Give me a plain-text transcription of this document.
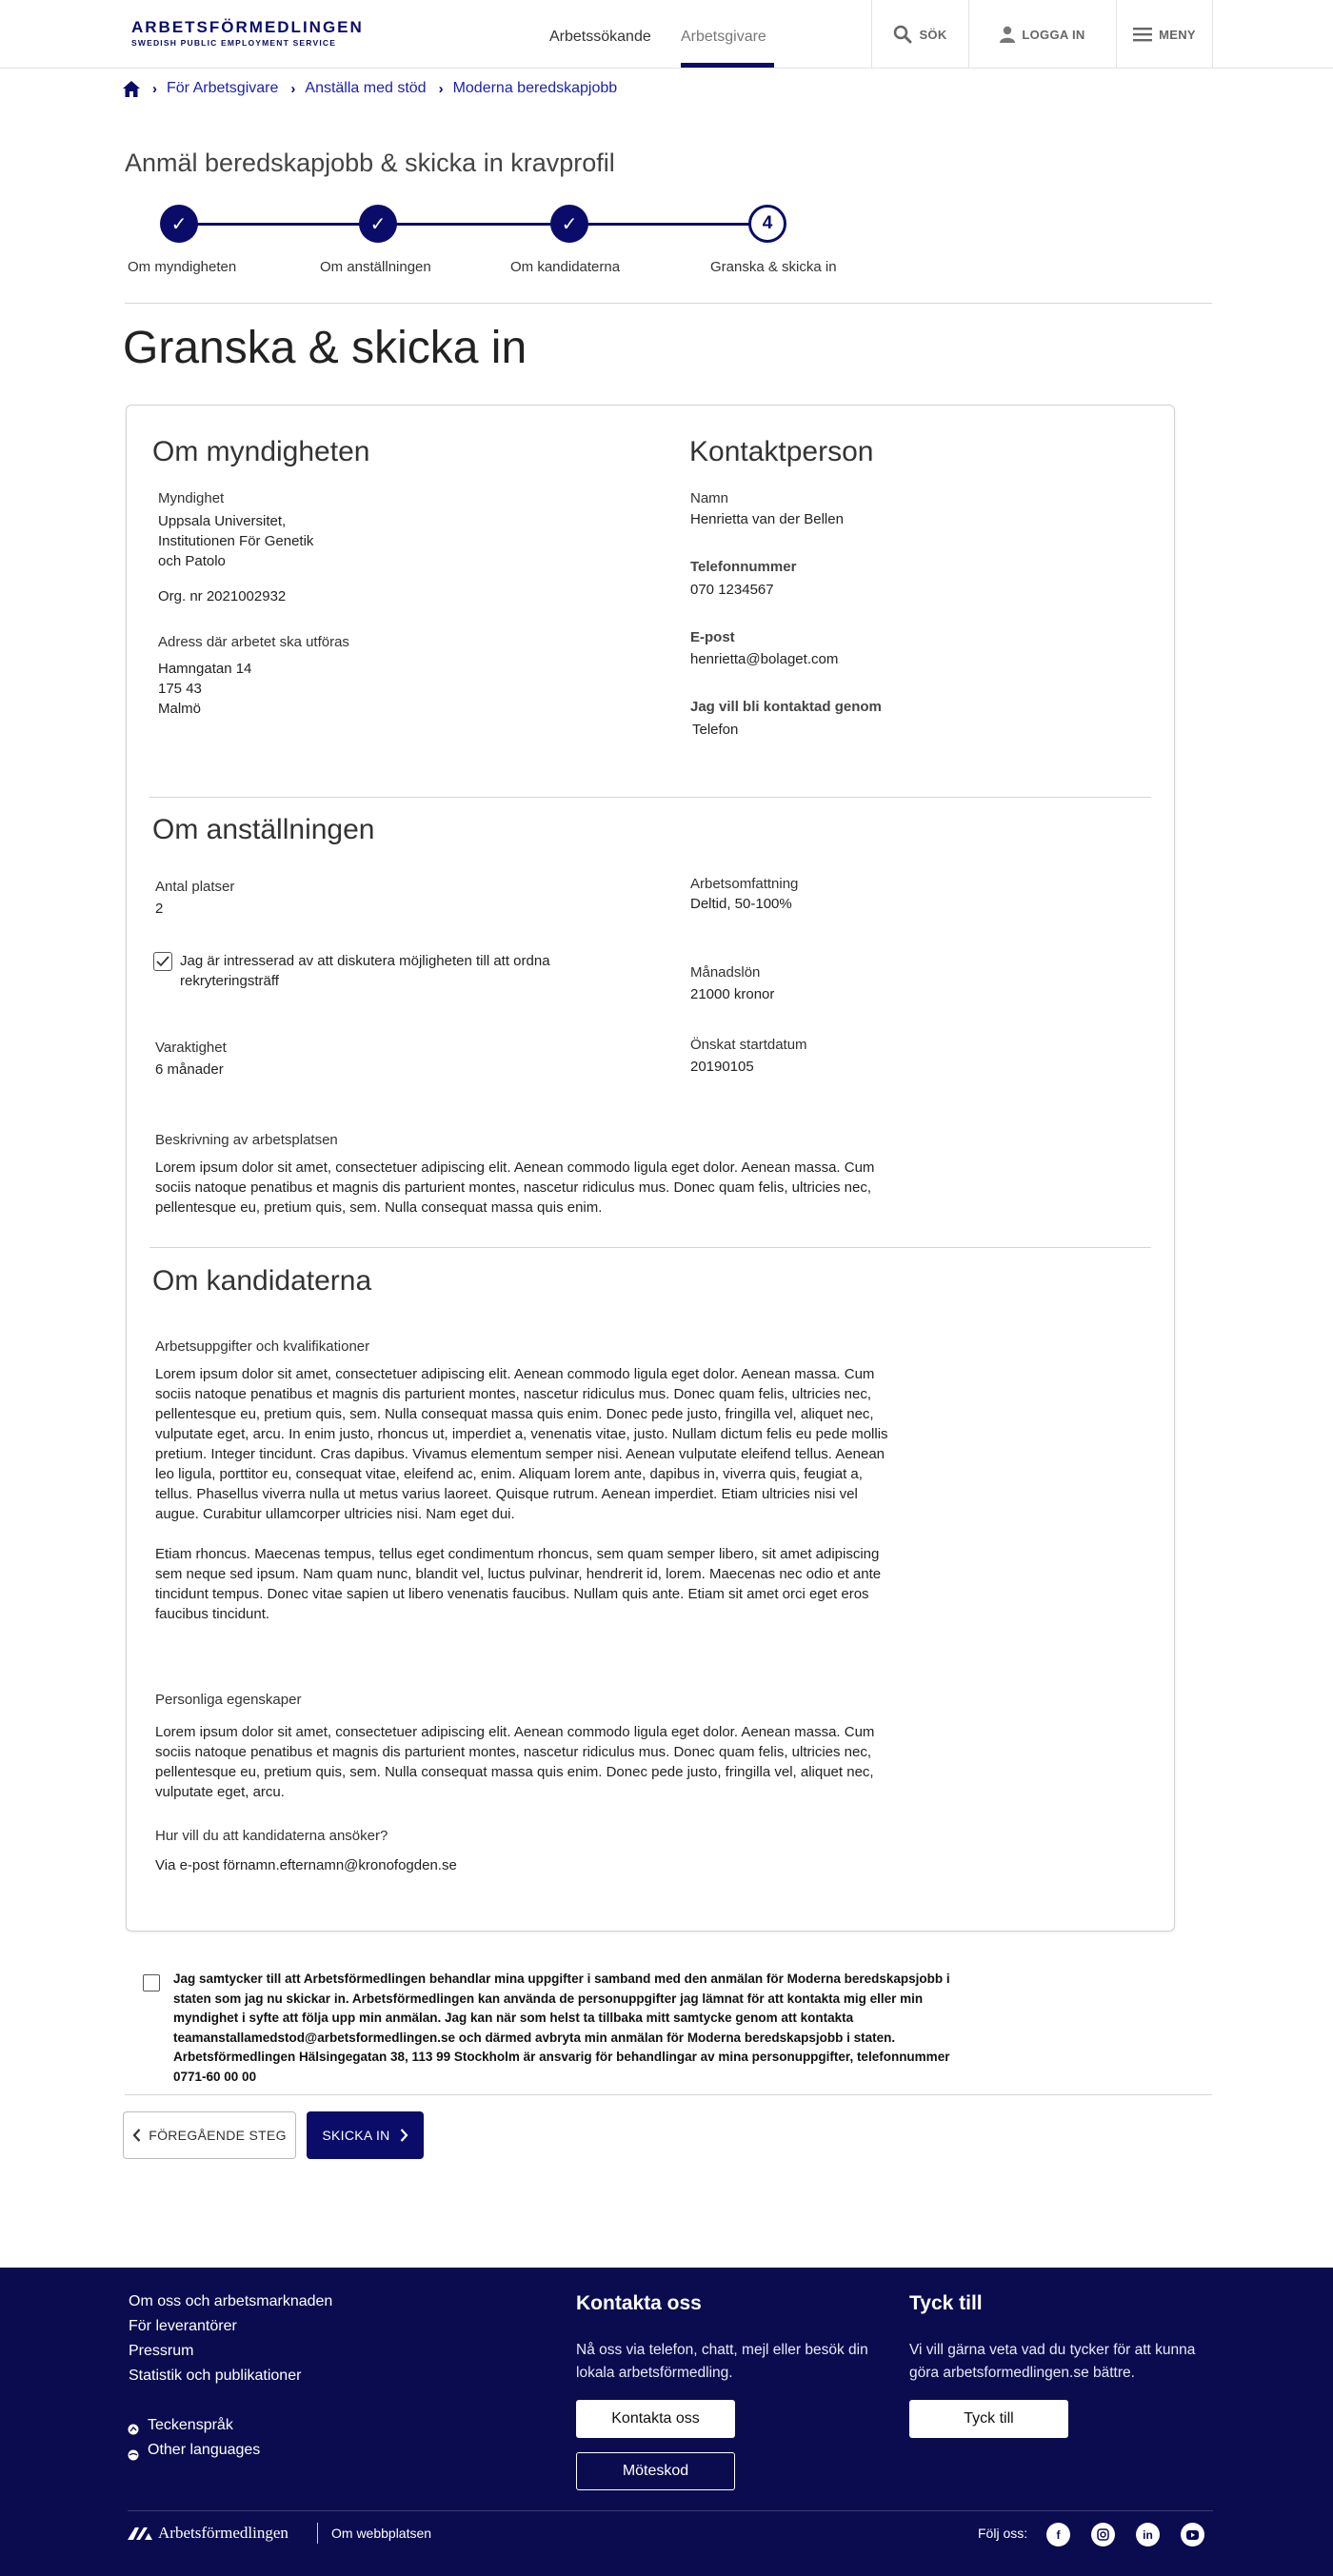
ARBETSFÖRMEDLINGEN
SWEDISH PUBLIC EMPLOYMENT SERVICE	Arbetssökande Arbetsgivare	SÖK	LOGGA IN	MENY
› För Arbetsgivare › Anställa med stöd › Moderna beredskapjobb
Anmäl beredskapjobb & skicka in kravprofil
✓	✓	✓	4
Om myndigheten	Om anställningen	Om kandidaterna	Granska & skicka in
Granska & skicka in
Om myndigheten
Myndighet
Uppsala Universitet,
Institutionen För Genetik
och Patolo
Org. nr 2021002932
Adress där arbetet ska utföras
Hamngatan 14
175 43
Malmö
Kontaktperson
Namn
Henrietta van der Bellen
Telefonnummer
070 1234567
E-post
henrietta@bolaget.com
Jag vill bli kontaktad genom
Telefon
Om anställningen
Antal platser
2
Arbetsomfattning
Deltid, 50-100%
Jag är intresserad av att diskutera möjligheten till att ordna rekryteringsträff
Månadslön
21000 kronor
Varaktighet
6 månader
Önskat startdatum
20190105
Beskrivning av arbetsplatsen
Lorem ipsum dolor sit amet, consectetuer adipiscing elit. Aenean commodo ligula eget dolor. Aenean massa. Cum sociis natoque penatibus et magnis dis parturient montes, nascetur ridiculus mus. Donec quam felis, ultricies nec, pellentesque eu, pretium quis, sem. Nulla consequat massa quis enim.
Om kandidaterna
Arbetsuppgifter och kvalifikationer
Lorem ipsum dolor sit amet, consectetuer adipiscing elit. Aenean commodo ligula eget dolor. Aenean massa. Cum sociis natoque penatibus et magnis dis parturient montes, nascetur ridiculus mus. Donec quam felis, ultricies nec, pellentesque eu, pretium quis, sem. Nulla consequat massa quis enim. Donec pede justo, fringilla vel, aliquet nec, vulputate eget, arcu. In enim justo, rhoncus ut, imperdiet a, venenatis vitae, justo. Nullam dictum felis eu pede mollis pretium. Integer tincidunt. Cras dapibus. Vivamus elementum semper nisi. Aenean vulputate eleifend tellus. Aenean leo ligula, porttitor eu, consequat vitae, eleifend ac, enim. Aliquam lorem ante, dapibus in, viverra quis, feugiat a, tellus. Phasellus viverra nulla ut metus varius laoreet. Quisque rutrum. Aenean imperdiet. Etiam ultricies nisi vel augue. Curabitur ullamcorper ultricies nisi. Nam eget dui.
Etiam rhoncus. Maecenas tempus, tellus eget condimentum rhoncus, sem quam semper libero, sit amet adipiscing sem neque sed ipsum. Nam quam nunc, blandit vel, luctus pulvinar, hendrerit id, lorem. Maecenas nec odio et ante tincidunt tempus. Donec vitae sapien ut libero venenatis faucibus. Nullam quis ante. Etiam sit amet orci eget eros faucibus tincidunt.
Personliga egenskaper
Lorem ipsum dolor sit amet, consectetuer adipiscing elit. Aenean commodo ligula eget dolor. Aenean massa. Cum sociis natoque penatibus et magnis dis parturient montes, nascetur ridiculus mus. Donec quam felis, ultricies nec, pellentesque eu, pretium quis, sem. Nulla consequat massa quis enim. Donec pede justo, fringilla vel, aliquet nec, vulputate eget, arcu.
Hur vill du att kandidaterna ansöker?
Via e-post förnamn.efternamn@kronofogden.se
Jag samtycker till att Arbetsförmedlingen behandlar mina uppgifter i samband med den anmälan för Moderna beredskapsjobb i staten som jag nu skickar in. Arbetsförmedlingen kan använda de personuppgifter jag lämnat för att kontakta mig eller min myndighet i syfte att följa upp min anmälan. Jag kan när som helst ta tillbaka mitt samtycke genom att kontakta teamanstallamedstod@arbetsformedlingen.se och därmed avbryta min anmälan för Moderna beredskapsjobb i staten. Arbetsförmedlingen Hälsingegatan 38, 113 99 Stockholm är ansvarig för behandlingar av mina personuppgifter, telefonnummer 0771-60 00 00
FÖREGÅENDE STEG	SKICKA IN
Om oss och arbetsmarknaden
För leverantörer
Pressrum
Statistik och publikationer
Teckenspråk
Other languages
Kontakta oss
Nå oss via telefon, chatt, mejl eller besök din lokala arbetsförmedling.
Kontakta oss
Möteskod
Tyck till
Vi vill gärna veta vad du tycker för att kunna göra arbetsformedlingen.se bättre.
Tyck till
Arbetsförmedlingen	Om webbplatsen	Följ oss:	f	in
